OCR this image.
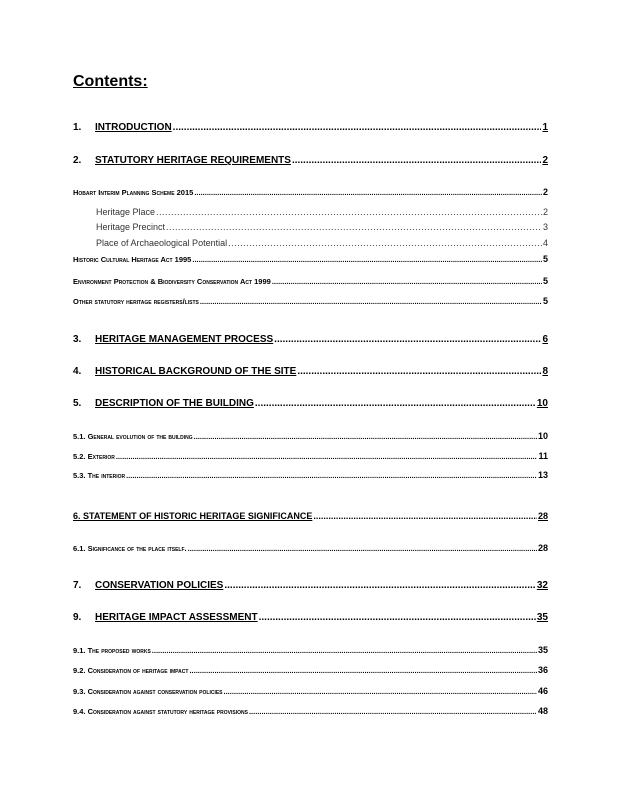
Contents:
1. INTRODUCTION .....	1
2. STATUTORY HERITAGE REQUIREMENTS .....	2
Hobart Interim Planning Scheme 2015 .....	2
Heritage Place .....	2
Heritage Precinct .....	3
Place of Archaeological Potential .....	4
Historic Cultural Heritage Act 1995 .....	5
Environment Protection & Biodiversity Conservation Act 1999 .....	5
Other statutory heritage registers/lists .....	5
3. HERITAGE MANAGEMENT PROCESS .....	6
4. HISTORICAL BACKGROUND OF THE SITE .....	8
5. DESCRIPTION OF THE BUILDING .....	10
5.1. General evolution of the building .....	10
5.2. Exterior .....	11
5.3. The interior .....	13
6. STATEMENT OF HISTORIC HERITAGE SIGNIFICANCE .....	28
6.1. Significance of the place itself. .....	28
7. CONSERVATION POLICIES .....	32
9. HERITAGE IMPACT ASSESSMENT .....	35
9.1. The proposed works .....	35
9.2. Consideration of heritage impact .....	36
9.3. Consideration against conservation policies .....	46
9.4. Consideration against statutory heritage provisions .....	48
